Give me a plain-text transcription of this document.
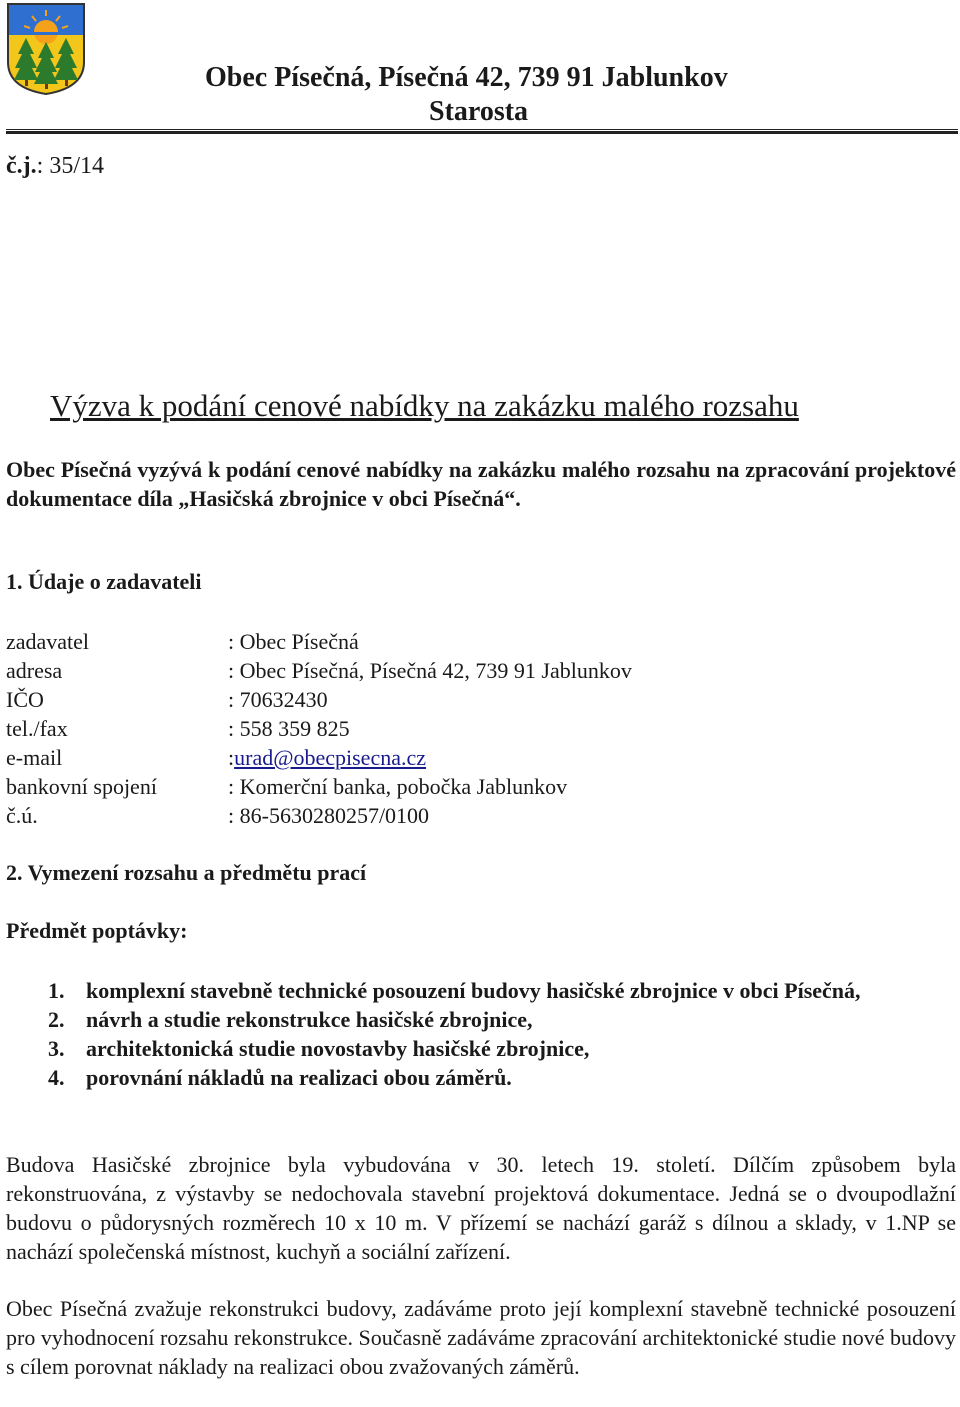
Obec Písečná, Písečná 42, 739 91 Jablunkov
Starosta
č.j.: 35/14
Výzva k podání cenové nabídky na zakázku malého rozsahu

Obec Písečná vyzývá k podání cenové nabídky na zakázku malého rozsahu na zpracování projektové dokumentace díla „Hasičská zbrojnice v obci Písečná“.

1. Údaje o zadavateli
zadavatel	: Obec Písečná
adresa	: Obec Písečná, Písečná 42, 739 91 Jablunkov
IČO	: 70632430
tel./fax	: 558 359 825
e-mail	: urad@obecpisecna.cz
bankovní spojení	: Komerční banka, pobočka Jablunkov
č.ú.	: 86-5630280257/0100
2. Vymezení rozsahu a předmětu prací
Předmět poptávky:
1. komplexní stavebně technické posouzení budovy hasičské zbrojnice v obci Písečná,
2. návrh a studie rekonstrukce hasičské zbrojnice,
3. architektonická studie novostavby hasičské zbrojnice,
4. porovnání nákladů na realizaci obou záměrů.
Budova Hasičské zbrojnice byla vybudována v 30. letech 19. století. Dílčím způsobem byla rekonstruována, z výstavby se nedochovala stavební projektová dokumentace. Jedná se o dvoupodlažní budovu o půdorysných rozměrech 10 x 10 m. V přízemí se nachází garáž s dílnou a sklady, v 1.NP se nachází společenská místnost, kuchyň a sociální zařízení.
Obec Písečná zvažuje rekonstrukci budovy, zadáváme proto její komplexní stavebně technické posouzení pro vyhodnocení rozsahu rekonstrukce. Současně zadáváme zpracování architektonické studie nové budovy s cílem porovnat náklady na realizaci obou zvažovaných záměrů.
